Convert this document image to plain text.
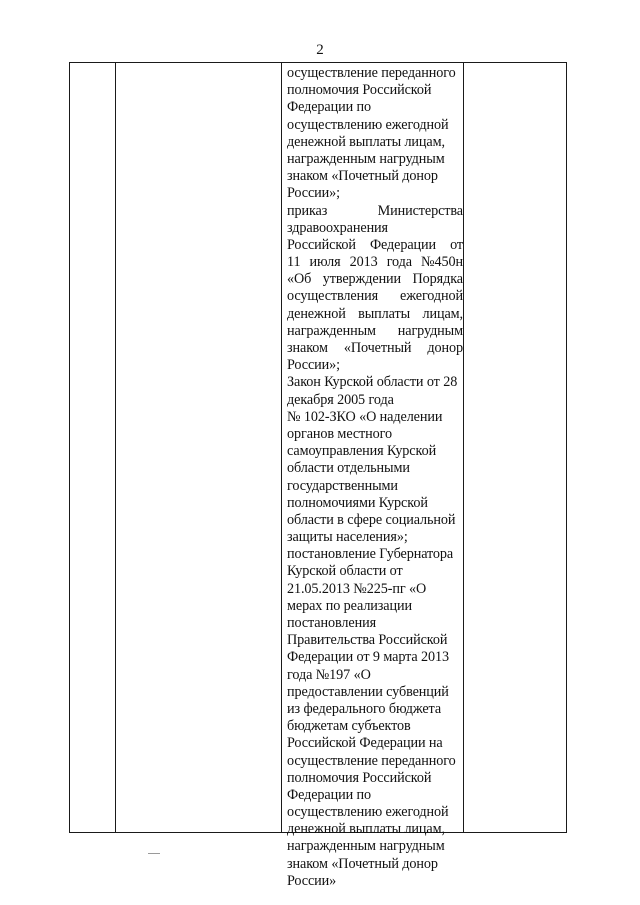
2
осуществление переданного
полномочия Российской
Федерации по
осуществлению ежегодной
денежной выплаты лицам,
награжденным нагрудным
знаком «Почетный донор
России»;
приказ	Министерства
здравоохранения
Российской Федерации от
11 июля 2013 года №450н
«Об утверждении Порядка
осуществления ежегодной
денежной выплаты лицам,
награжденным нагрудным
знаком «Почетный донор
России»;
Закон Курской области от 28
декабря 2005 года
№ 102-ЗКО «О наделении
органов местного
самоуправления Курской
области отдельными
государственными
полномочиями Курской
области в сфере социальной
защиты населения»;
постановление Губернатора
Курской области от
21.05.2013 №225-пг «О
мерах по реализации
постановления
Правительства Российской
Федерации от 9 марта 2013
года №197 «О
предоставлении субвенций
из федерального бюджета
бюджетам субъектов
Российской Федерации на
осуществление переданного
полномочия Российской
Федерации по
осуществлению ежегодной
денежной выплаты лицам,
награжденным нагрудным
знаком «Почетный донор
России»
